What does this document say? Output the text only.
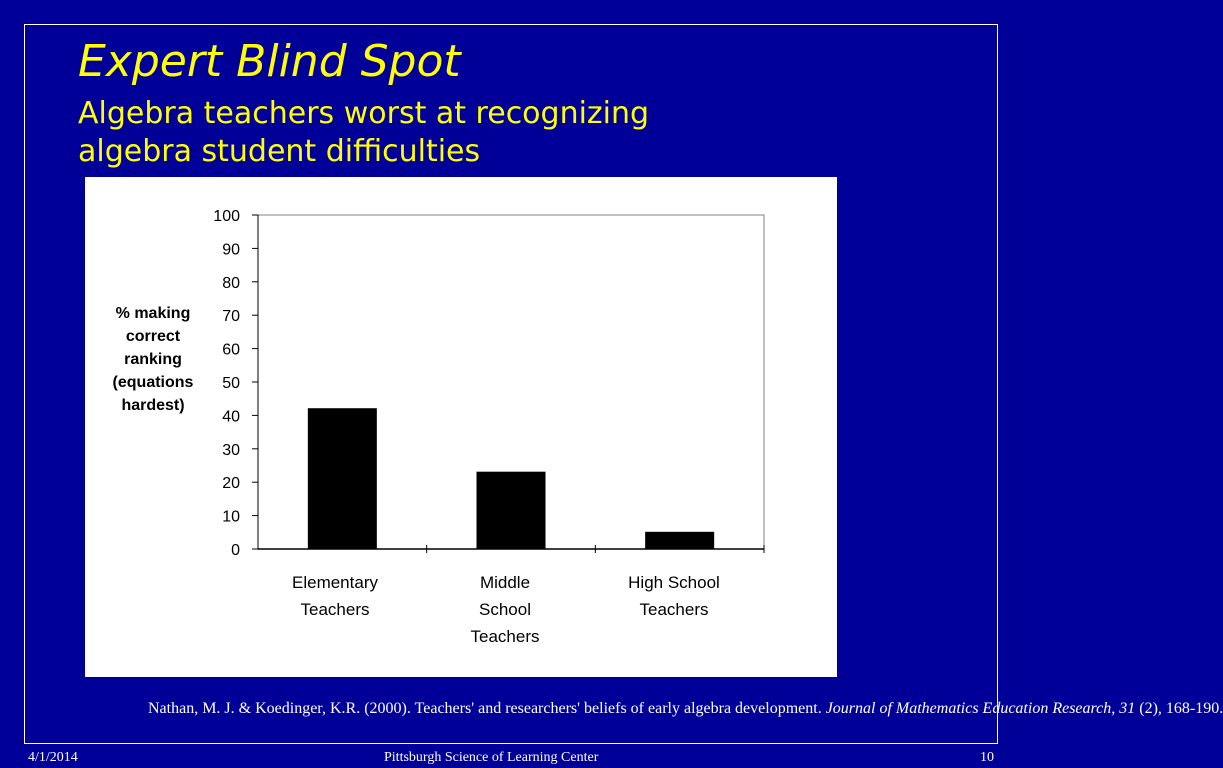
Expert Blind Spot
Algebra teachers worst at recognizing
algebra student difficulties
0
10
20
30
40
50
60
70
80
90
100
% making
correct
ranking
(equations
hardest)
Elementary
Teachers
Middle
School
Teachers
High School
Teachers
Nathan, M. J. & Koedinger, K.R. (2000). Teachers' and researchers' beliefs of early algebra development. Journal of Mathematics Education Research, 31 (2), 168-190.
4/1/2014	Pittsburgh Science of Learning Center	10
